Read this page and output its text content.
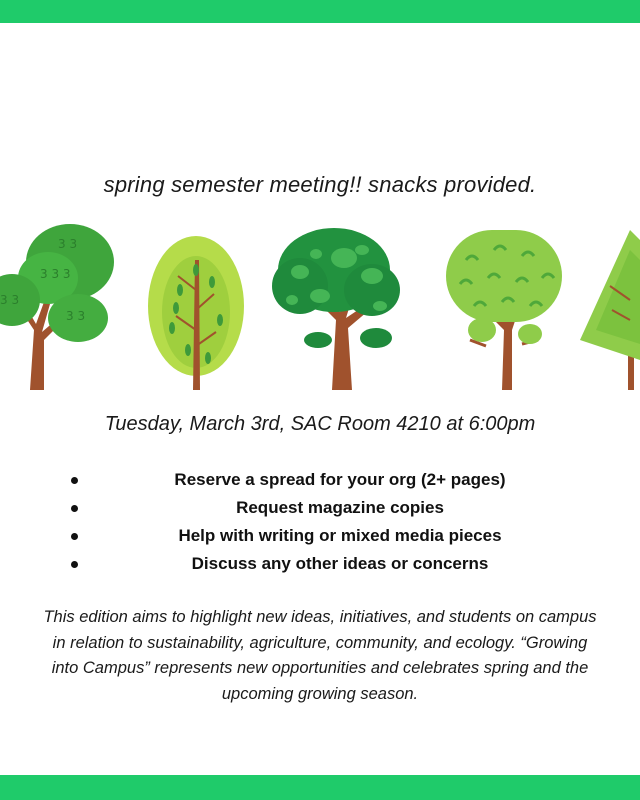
spring semester meeting!! snacks provided.
3 3
3 3 3
3 3
3 3
Tuesday, March 3rd, SAC Room 4210 at 6:00pm
Reserve a spread for your org (2+ pages)
Request magazine copies
Help with writing or mixed media pieces
Discuss any other ideas or concerns
This edition aims to highlight new ideas, initiatives, and students on campus in relation to sustainability, agriculture, community, and ecology. “Growing into Campus” represents new opportunities and celebrates spring and the upcoming growing season.
